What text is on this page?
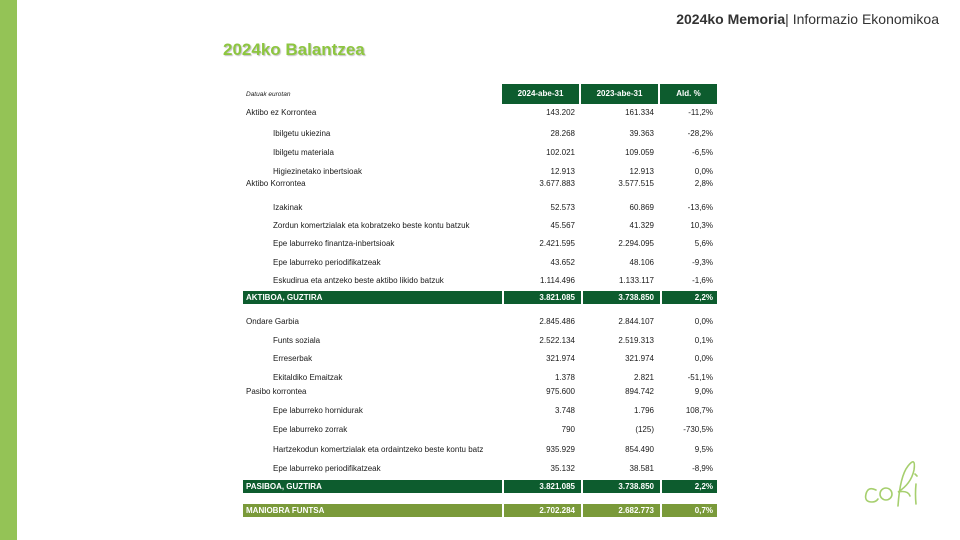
2024ko Memoria| Informazio Ekonomikoa
2024ko Balantzea
Datuak eurotan	2024-abe-31	2023-abe-31	Ald. %
Aktibo ez Korrontea	143.202	161.334	-11,2%
Ibilgetu ukiezina	28.268	39.363	-28,2%
Ibilgetu materiala	102.021	109.059	-6,5%
Higiezinetako inbertsioak	12.913	12.913	0,0%
Aktibo Korrontea	3.677.883	3.577.515	2,8%
Izakinak	52.573	60.869	-13,6%
Zordun komertzialak eta kobratzeko beste kontu batzuk	45.567	41.329	10,3%
Epe laburreko finantza-inbertsioak	2.421.595	2.294.095	5,6%
Epe laburreko periodifikatzeak	43.652	48.106	-9,3%
Eskudirua eta antzeko beste aktibo likido batzuk	1.114.496	1.133.117	-1,6%
AKTIBOA, GUZTIRA	3.821.085	3.738.850	2,2%
Ondare Garbia	2.845.486	2.844.107	0,0%
Funts soziala	2.522.134	2.519.313	0,1%
Erreserbak	321.974	321.974	0,0%
Ekitaldiko Emaitzak	1.378	2.821	-51,1%
Pasibo korrontea	975.600	894.742	9,0%
Epe laburreko hornidurak	3.748	1.796	108,7%
Epe laburreko zorrak	790	(125)	-730,5%
Hartzekodun komertzialak eta ordaintzeko beste kontu batz	935.929	854.490	9,5%
Epe laburreko periodifikatzeak	35.132	38.581	-8,9%
PASIBOA, GUZTIRA	3.821.085	3.738.850	2,2%
MANIOBRA FUNTSA	2.702.284	2.682.773	0,7%
